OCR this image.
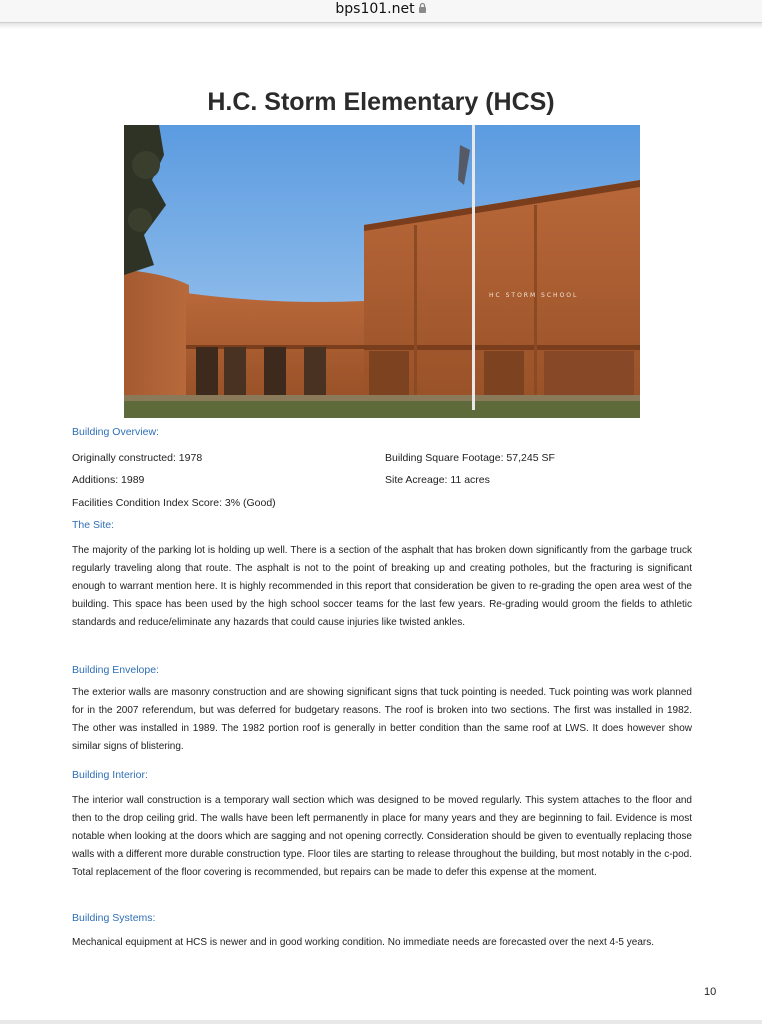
bps101.net
H.C. Storm Elementary (HCS)
HC STORM SCHOOL
Building Overview:
Originally constructed: 1978	Building Square Footage: 57,245 SF
Additions: 1989	Site Acreage: 11 acres
Facilities Condition Index Score: 3% (Good)
The Site:
The majority of the parking lot is holding up well. There is a section of the asphalt that has broken down significantly from the garbage truck regularly traveling along that route. The asphalt is not to the point of breaking up and creating potholes, but the fracturing is significant enough to warrant mention here. It is highly recommended in this report that consideration be given to re-grading the open area west of the building. This space has been used by the high school soccer teams for the last few years. Re-grading would groom the fields to athletic standards and reduce/eliminate any hazards that could cause injuries like twisted ankles.
Building Envelope:
The exterior walls are masonry construction and are showing significant signs that tuck pointing is needed. Tuck pointing was work planned for in the 2007 referendum, but was deferred for budgetary reasons. The roof is broken into two sections. The first was installed in 1982. The other was installed in 1989. The 1982 portion roof is generally in better condition than the same roof at LWS. It does however show similar signs of blistering.
Building Interior:
The interior wall construction is a temporary wall section which was designed to be moved regularly. This system attaches to the floor and then to the drop ceiling grid. The walls have been left permanently in place for many years and they are beginning to fail. Evidence is most notable when looking at the doors which are sagging and not opening correctly. Consideration should be given to eventually replacing those walls with a different more durable construction type. Floor tiles are starting to release throughout the building, but most notably in the c-pod. Total replacement of the floor covering is recommended, but repairs can be made to defer this expense at the moment.
Building Systems:
Mechanical equipment at HCS is newer and in good working condition. No immediate needs are forecasted over the next 4-5 years.
10
